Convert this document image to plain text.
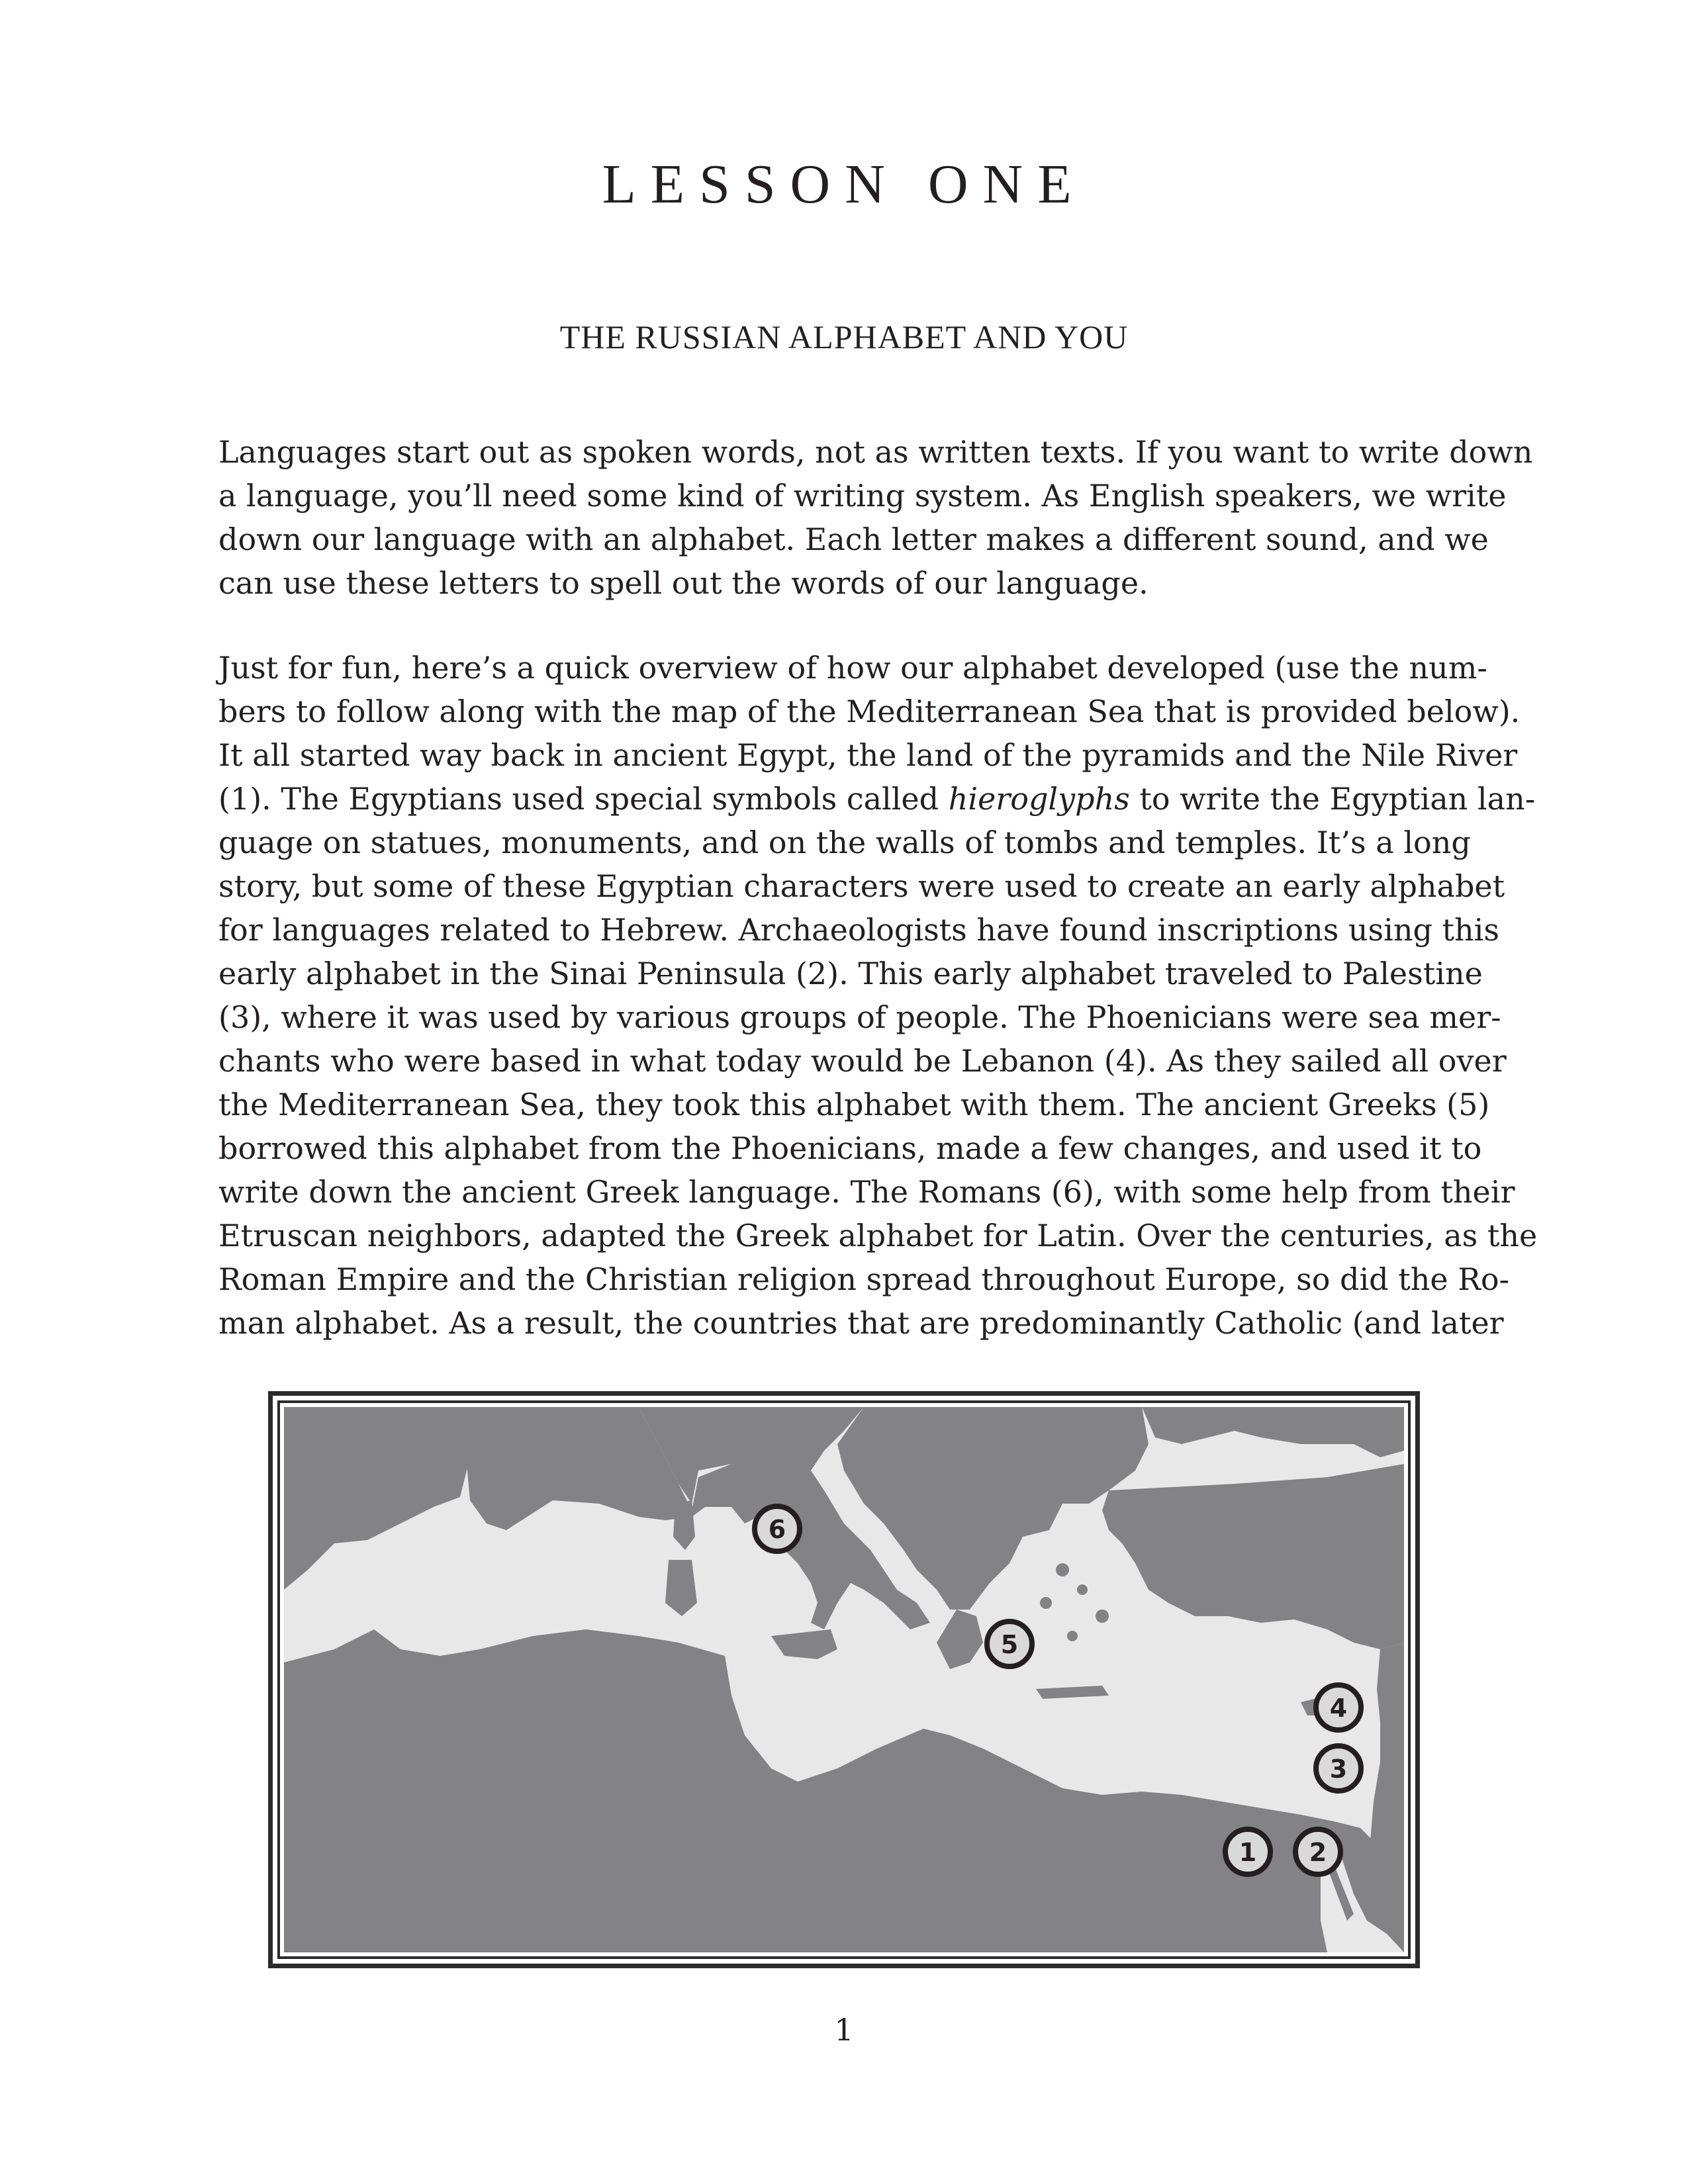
LESSON ONE
THE RUSSIAN ALPHABET AND YOU
Languages start out as spoken words, not as written texts. If you want to write down
a language, you’ll need some kind of writing system. As English speakers, we write
down our language with an alphabet. Each letter makes a different sound, and we
can use these letters to spell out the words of our language.
Just for fun, here’s a quick overview of how our alphabet developed (use the num-
bers to follow along with the map of the Mediterranean Sea that is provided below).
It all started way back in ancient Egypt, the land of the pyramids and the Nile River
(1). The Egyptians used special symbols called hieroglyphs to write the Egyptian lan-
guage on statues, monuments, and on the walls of tombs and temples. It’s a long
story, but some of these Egyptian characters were used to create an early alphabet
for languages related to Hebrew. Archaeologists have found inscriptions using this
early alphabet in the Sinai Peninsula (2). This early alphabet traveled to Palestine
(3), where it was used by various groups of people. The Phoenicians were sea mer-
chants who were based in what today would be Lebanon (4). As they sailed all over
the Mediterranean Sea, they took this alphabet with them. The ancient Greeks (5)
borrowed this alphabet from the Phoenicians, made a few changes, and used it to
write down the ancient Greek language. The Romans (6), with some help from their
Etruscan neighbors, adapted the Greek alphabet for Latin. Over the centuries, as the
Roman Empire and the Christian religion spread throughout Europe, so did the Ro-
man alphabet. As a result, the countries that are predominantly Catholic (and later
6
5
4
3
1 2
1
